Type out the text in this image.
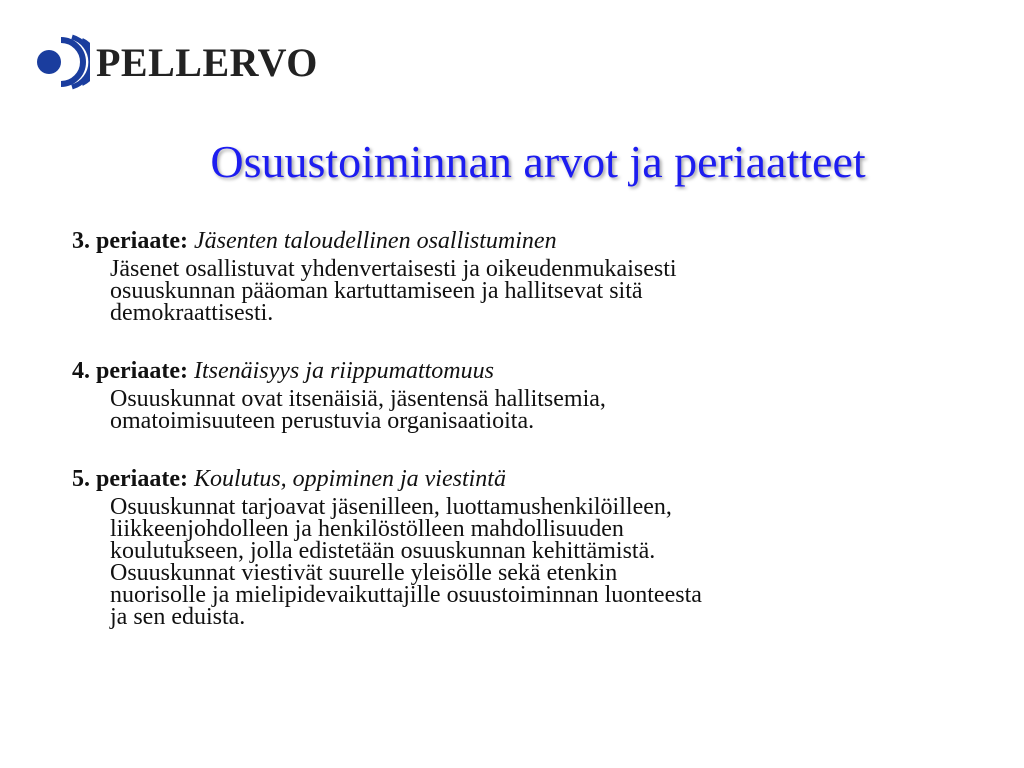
PELLERVO
Osuustoiminnan arvot ja periaatteet
3. periaate: Jäsenten taloudellinen osallistuminen
Jäsenet osallistuvat yhdenvertaisesti ja oikeudenmukaisesti
osuuskunnan pääoman kartuttamiseen ja hallitsevat sitä
demokraattisesti.
4. periaate: Itsenäisyys ja riippumattomuus
Osuuskunnat ovat itsenäisiä, jäsentensä hallitsemia,
omatoimisuuteen perustuvia organisaatioita.
5. periaate: Koulutus, oppiminen ja viestintä
Osuuskunnat tarjoavat jäsenilleen, luottamushenkilöilleen,
liikkeenjohdolleen ja henkilöstölleen mahdollisuuden
koulutukseen, jolla edistetään osuuskunnan kehittämistä.
Osuuskunnat viestivät suurelle yleisölle sekä etenkin
nuorisolle ja mielipidevaikuttajille osuustoiminnan luonteesta
ja sen eduista.
